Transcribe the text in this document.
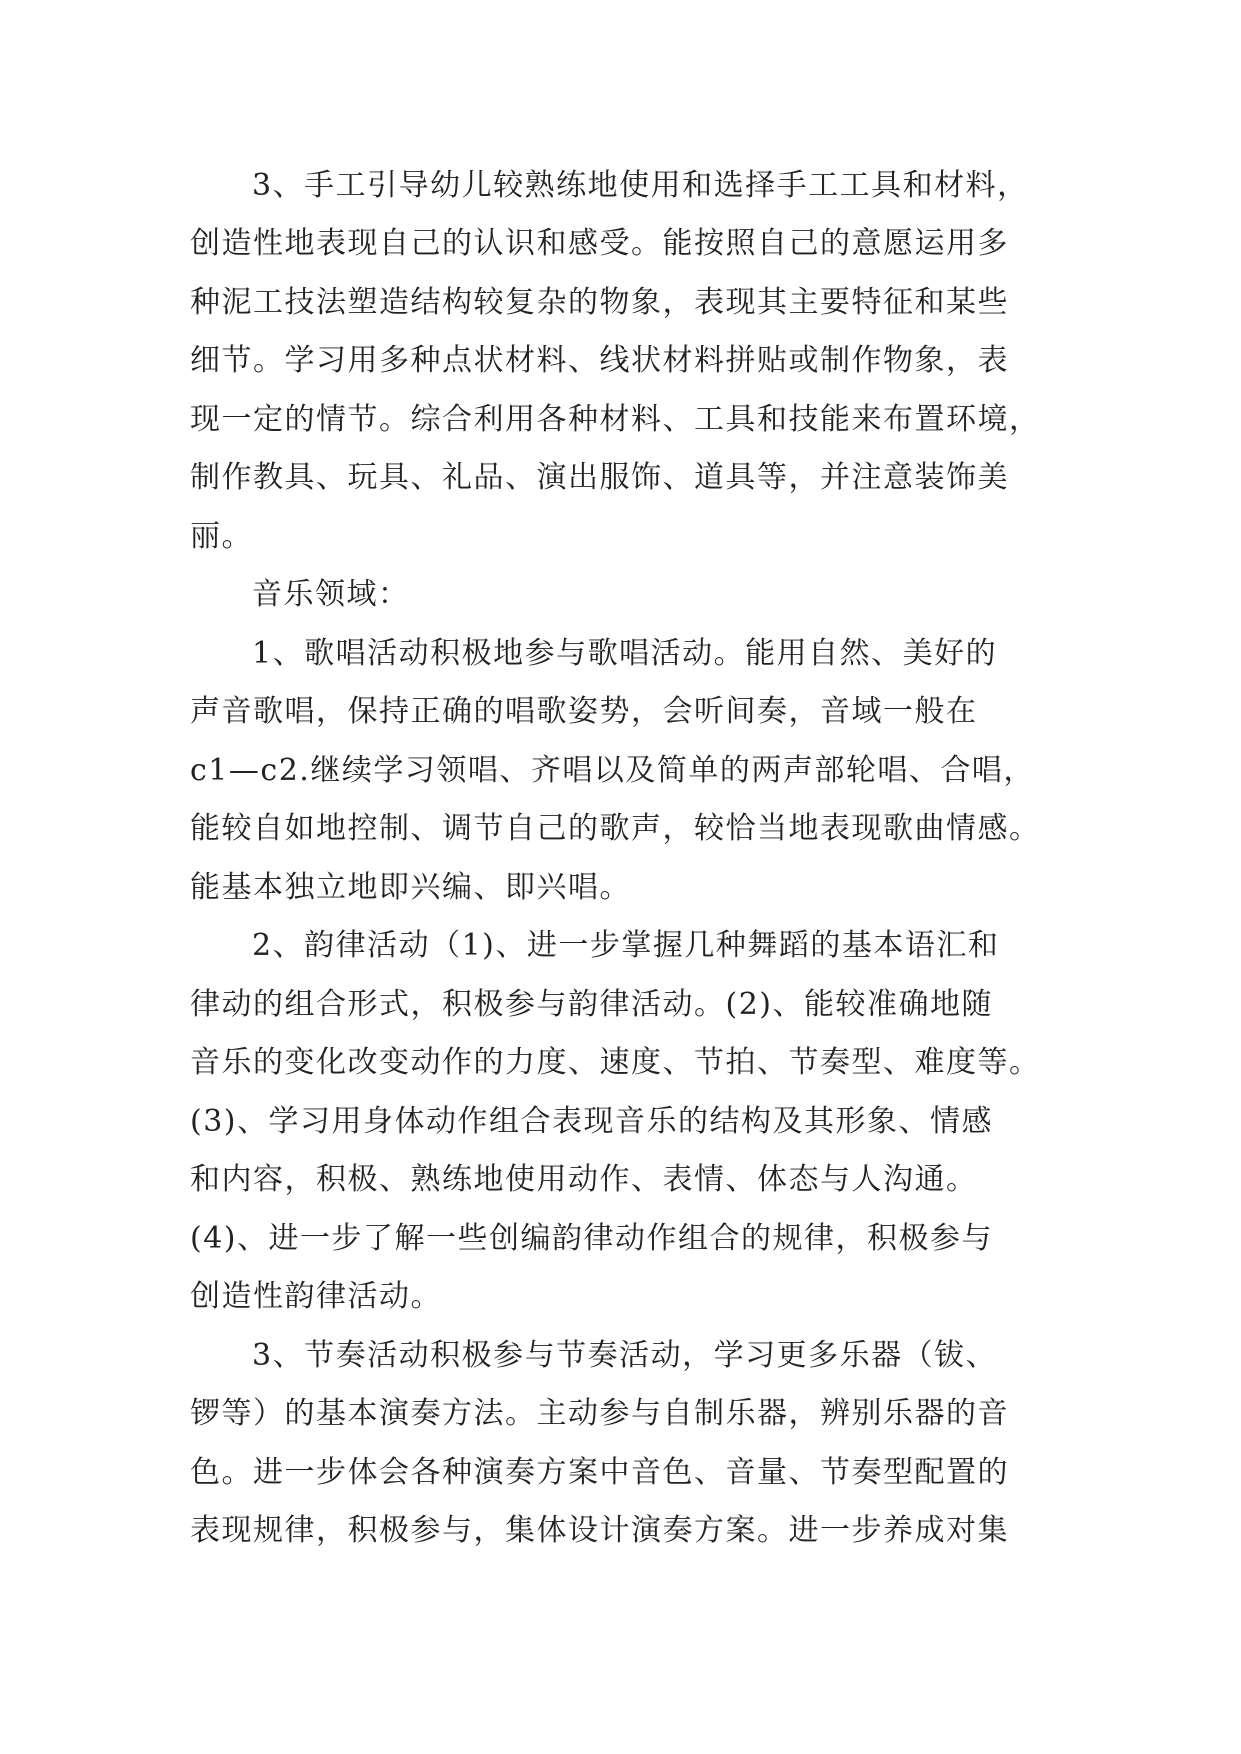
3、手工引导幼儿较熟练地使用和选择手工工具和材料，
创造性地表现自己的认识和感受。能按照自己的意愿运用多
种泥工技法塑造结构较复杂的物象，表现其主要特征和某些
细节。学习用多种点状材料、线状材料拼贴或制作物象，表
现一定的情节。综合利用各种材料、工具和技能来布置环境，
制作教具、玩具、礼品、演出服饰、道具等，并注意装饰美
丽。
音乐领域：
1、歌唱活动积极地参与歌唱活动。能用自然、美好的
声音歌唱，保持正确的唱歌姿势，会听间奏，音域一般在
c1—c2.继续学习领唱、齐唱以及简单的两声部轮唱、合唱，
能较自如地控制、调节自己的歌声，较恰当地表现歌曲情感。
能基本独立地即兴编、即兴唱。
2、韵律活动（1)、进一步掌握几种舞蹈的基本语汇和
律动的组合形式，积极参与韵律活动。(2)、能较准确地随
音乐的变化改变动作的力度、速度、节拍、节奏型、难度等。
(3)、学习用身体动作组合表现音乐的结构及其形象、情感
和内容，积极、熟练地使用动作、表情、体态与人沟通。
(4)、进一步了解一些创编韵律动作组合的规律，积极参与
创造性韵律活动。
3、节奏活动积极参与节奏活动，学习更多乐器（钹、
锣等）的基本演奏方法。主动参与自制乐器，辨别乐器的音
色。进一步体会各种演奏方案中音色、音量、节奏型配置的
表现规律，积极参与，集体设计演奏方案。进一步养成对集
